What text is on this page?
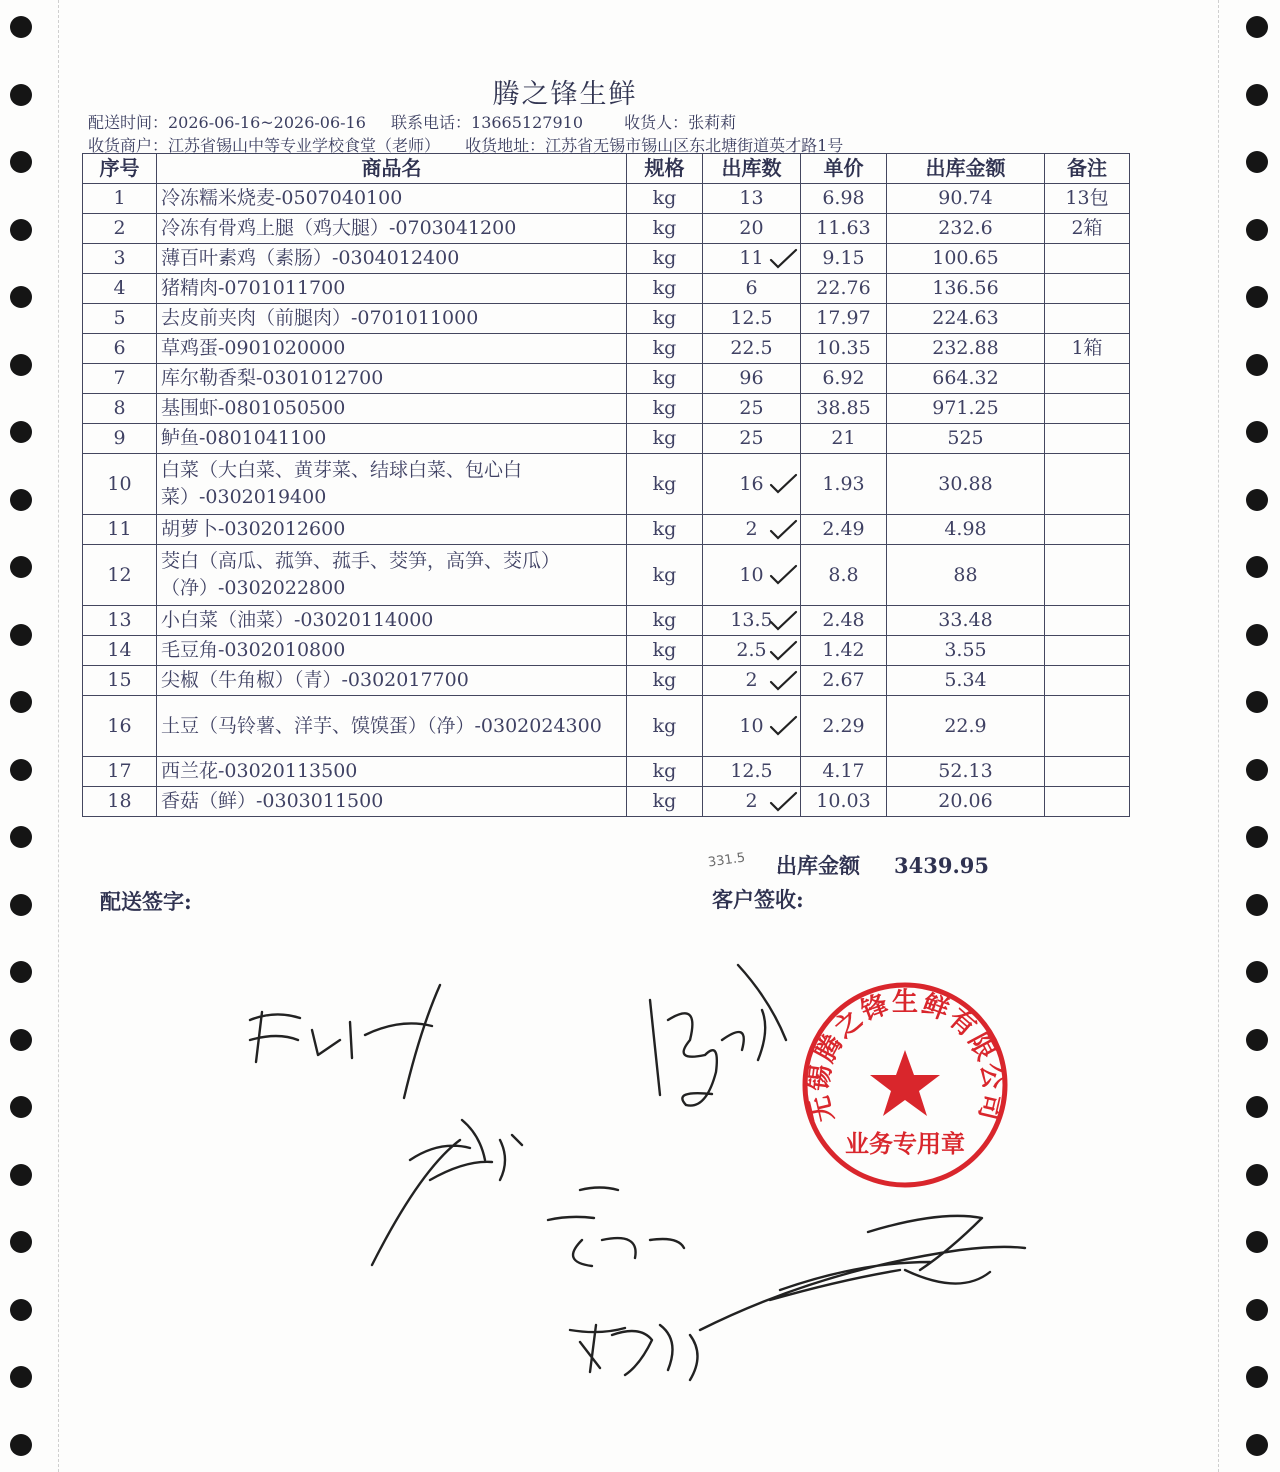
腾之锋生鲜
配送时间：2026-06-16~2026-06-16 联系电话：13665127910	收货人：张莉莉
收货商户：江苏省锡山中等专业学校食堂（老师） 收货地址：江苏省无锡市锡山区东北塘街道英才路1号
序号	商品名	规格	出库数	单价	出库金额	备注
1	冷冻糯米烧麦-0507040100	kg	13	6.98	90.74	13包
2	冷冻有骨鸡上腿（鸡大腿）-0703041200	kg	20	11.63	232.6	2箱
3	薄百叶素鸡（素肠）-0304012400	kg	11	9.15	100.65	
4	猪精肉-0701011700	kg	6	22.76	136.56	
5	去皮前夹肉（前腿肉）-0701011000	kg	12.5	17.97	224.63	
6	草鸡蛋-0901020000	kg	22.5	10.35	232.88	1箱
7	库尔勒香梨-0301012700	kg	96	6.92	664.32	
8	基围虾-0801050500	kg	25	38.85	971.25	
9	鲈鱼-0801041100	kg	25	21	525	
10	白菜（大白菜、黄芽菜、结球白菜、包心白菜）-0302019400	kg	16	1.93	30.88	
11	胡萝卜-0302012600	kg	2	2.49	4.98	
12	茭白（高瓜、菰笋、菰手、茭笋，高笋、茭瓜）（净）-0302022800	kg	10	8.8	88	
13	小白菜（油菜）-03020114000	kg	13.5	2.48	33.48	
14	毛豆角-0302010800	kg	2.5	1.42	3.55	
15	尖椒（牛角椒）（青）-0302017700	kg	2	2.67	5.34	
16	土豆（马铃薯、洋芋、馍馍蛋）（净）-0302024300	kg	10	2.29	22.9	
17	西兰花-03020113500	kg	12.5	4.17	52.13	
18	香菇（鲜）-0303011500	kg	2	10.03	20.06	
331.5 出库金额 3439.95
配送签字:	客户签收:
无锡腾之锋生鲜有限公司
业务专用章
